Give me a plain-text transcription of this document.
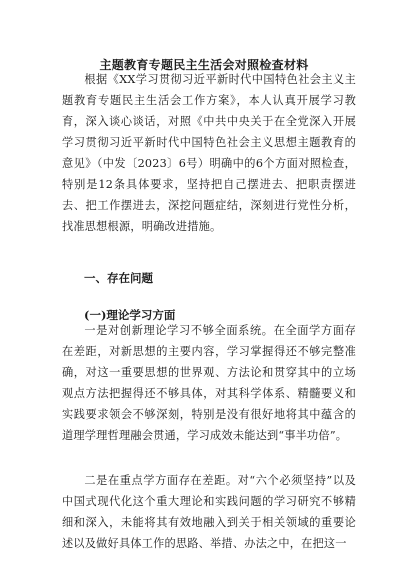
主题教育专题民主生活会对照检查材料

根据《XX学习贯彻习近平新时代中国特色社会主义主题教育专题民主生活会工作方案》，本人认真开展学习教育，深入谈心谈话，对照《中共中央关于在全党深入开展学习贯彻习近平新时代中国特色社会主义思想主题教育的意见》（中发〔2023〕6号）明确中的6个方面对照检查，特别是12条具体要求，坚持把自己摆进去、把职责摆进去、把工作摆进去，深挖问题症结，深刻进行党性分析，找准思想根源，明确改进措施。

一、存在问题

(一)理论学习方面

一是对创新理论学习不够全面系统。在全面学方面存在差距，对新思想的主要内容，学习掌握得还不够完整准确，对这一重要思想的世界观、方法论和贯穿其中的立场观点方法把握得还不够具体，对其科学体系、精髓要义和实践要求领会不够深刻，特别是没有很好地将其中蕴含的道理学理哲理融会贯通，学习成效未能达到“事半功倍”。

二是在重点学方面存在差距。对“六个必须坚持”以及中国式现代化这个重大理论和实践问题的学习研究不够精细和深入，未能将其有效地融入到关于相关领域的重要论述以及做好具体工作的思路、举措、办法之中，在把这一
